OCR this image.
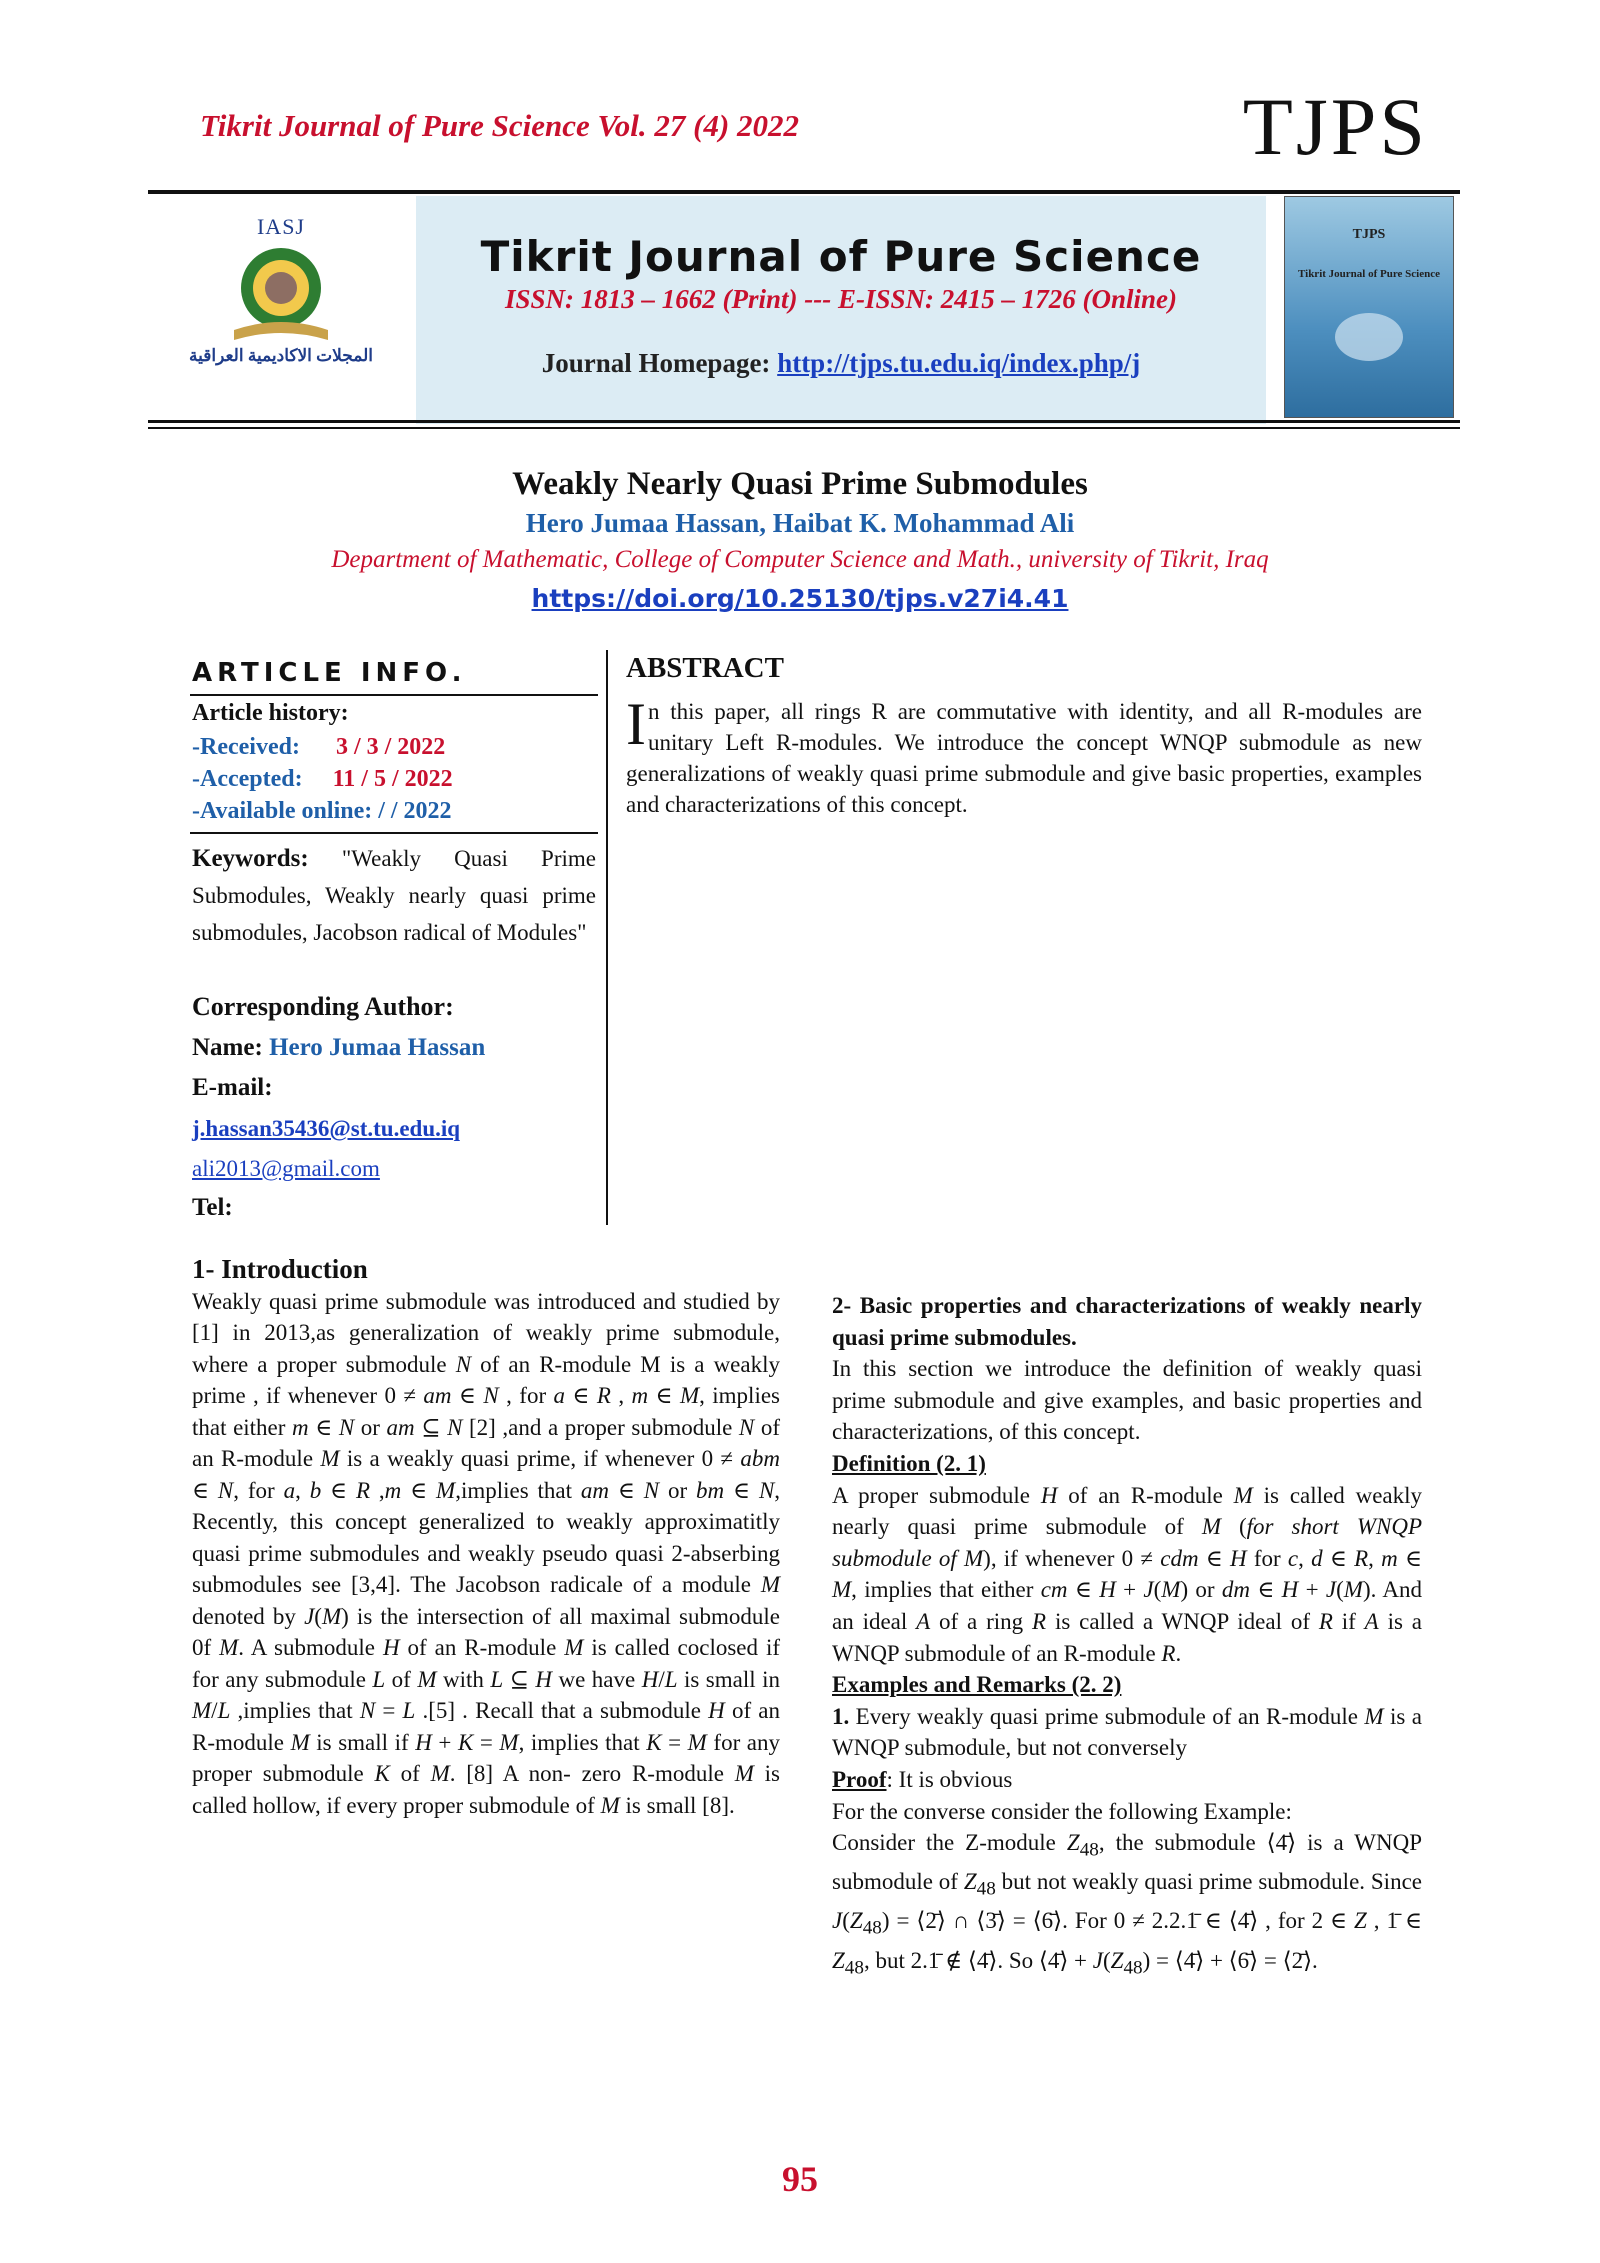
Tikrit Journal of Pure Science Vol. 27 (4) 2022	TJPS
IASJ
المجلات الاكاديمية العراقية
Tikrit Journal of Pure Science
ISSN: 1813 – 1662 (Print) --- E-ISSN: 2415 – 1726 (Online)
Journal Homepage: http://tjps.tu.edu.iq/index.php/j
TJPS
Tikrit Journal of Pure Science
Weakly Nearly Quasi Prime Submodules
Hero Jumaa Hassan, Haibat K. Mohammad Ali
Department of Mathematic, College of Computer Science and Math., university of Tikrit, Iraq
https://doi.org/10.25130/tjps.v27i4.41
ARTICLE INFO.
Article history:
-Received: 3 / 3 / 2022
-Accepted: 11 / 5 / 2022
-Available online: / / 2022
Keywords: "Weakly Quasi Prime Submodules, Weakly nearly quasi prime submodules, Jacobson radical of Modules"
Corresponding Author:
Name: Hero Jumaa Hassan
E-mail:
j.hassan35436@st.tu.edu.iq
ali2013@gmail.com
Tel:
ABSTRACT
In this paper, all rings R are commutative with identity, and all R-modules are unitary Left R-modules. We introduce the concept WNQP submodule as new generalizations of weakly quasi prime submodule and give basic properties, examples and characterizations of this concept.

1- Introduction

Weakly quasi prime submodule was introduced and studied by [1] in 2013,as generalization of weakly prime submodule, where a proper submodule N of an R-module M is a weakly prime , if whenever 0 ≠ am ∈ N , for a ∈ R , m ∈ M, implies that either m ∈ N or am ⊆ N [2] ,and a proper submodule N of an R-module M is a weakly quasi prime, if whenever 0 ≠ abm ∈ N, for a, b ∈ R ,m ∈ M,implies that am ∈ N or bm ∈ N, Recently, this concept generalized to weakly approximatitly quasi prime submodules and weakly pseudo quasi 2-abserbing submodules see [3,4]. The Jacobson radicale of a module M denoted by J(M) is the intersection of all maximal submodule 0f M. A submodule H of an R-module M is called coclosed if for any submodule L of M with L ⊆ H we have H/L is small in M/L ,implies that N = L .[5] . Recall that a submodule H of an R-module M is small if H + K = M, implies that K = M for any proper submodule K of M. [8] A non- zero R-module M is called hollow, if every proper submodule of M is small [8].

2- Basic properties and characterizations of weakly nearly quasi prime submodules.

In this section we introduce the definition of weakly quasi prime submodule and give examples, and basic properties and characterizations, of this concept.

Definition (2. 1)

A proper submodule H of an R-module M is called weakly nearly quasi prime submodule of M (for short WNQP submodule of M), if whenever 0 ≠ cdm ∈ H for c, d ∈ R, m ∈ M, implies that either cm ∈ H + J(M) or dm ∈ H + J(M). And an ideal A of a ring R is called a WNQP ideal of R if A is a WNQP submodule of an R-module R.

Examples and Remarks (2. 2)

1. Every weakly quasi prime submodule of an R-module M is a WNQP submodule, but not conversely

Proof: It is obvious

For the converse consider the following Example:

Consider the Z-module $Z_{48}$, the submodule ⟨4̄⟩ is a WNQP submodule of $Z_{48}$ but not weakly quasi prime submodule. Since $J(Z_{48})$ = ⟨2̄⟩ ∩ ⟨3̄⟩ = ⟨6̄⟩. For 0 ≠ 2.2.1̄ ∈ ⟨4̄⟩ , for 2 ∈ Z , 1̄ ∈ $Z_{48}$, but 2.1̄ ∉ ⟨4̄⟩. So ⟨4̄⟩ + $J(Z_{48})$ = ⟨4̄⟩ + ⟨6̄⟩ = ⟨2̄⟩.

95
